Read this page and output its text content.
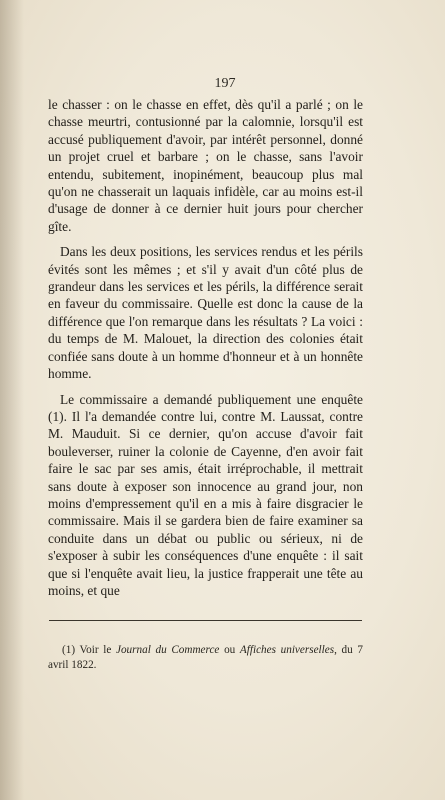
197

le chasser : on le chasse en effet, dès qu'il a parlé ; on le chasse meurtri, contusionné par la calomnie, lorsqu'il est accusé publiquement d'avoir, par intérêt personnel, donné un projet cruel et barbare ; on le chasse, sans l'avoir entendu, subitement, inopinément, beaucoup plus mal qu'on ne chasserait un laquais infidèle, car au moins est-il d'usage de donner à ce dernier huit jours pour chercher gîte.

Dans les deux positions, les services rendus et les périls évités sont les mêmes ; et s'il y avait d'un côté plus de grandeur dans les services et les périls, la différence serait en faveur du commissaire. Quelle est donc la cause de la différence que l'on remarque dans les résultats ? La voici : du temps de M. Malouet, la direction des colonies était confiée sans doute à un homme d'honneur et à un honnête homme.

Le commissaire a demandé publiquement une enquête (1). Il l'a demandée contre lui, contre M. Laussat, contre M. Mauduit. Si ce dernier, qu'on accuse d'avoir fait bouleverser, ruiner la colonie de Cayenne, d'en avoir fait faire le sac par ses amis, était irréprochable, il mettrait sans doute à exposer son innocence au grand jour, non moins d'empressement qu'il en a mis à faire disgracier le commissaire. Mais il se gardera bien de faire examiner sa conduite dans un débat ou public ou sérieux, ni de s'exposer à subir les conséquences d'une enquête : il sait que si l'enquête avait lieu, la justice frapperait une tête au moins, et que

(1) Voir le Journal du Commerce ou Affiches universelles, du 7 avril 1822.
